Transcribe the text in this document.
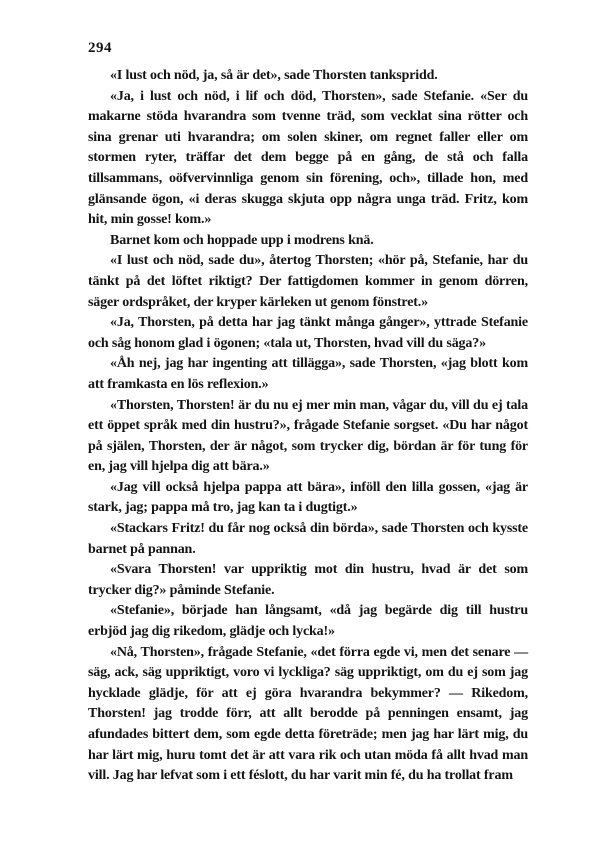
294

«I lust och nöd, ja, så är det», sade Thorsten tankspridd.

«Ja, i lust och nöd, i lif och död, Thorsten», sade Stefanie. «Ser du makarne stöda hvarandra som tvenne träd, som vecklat sina rötter och sina grenar uti hvarandra; om solen skiner, om regnet faller eller om stormen ryter, träffar det dem begge på en gång, de stå och falla tillsammans, oöfvervinnliga genom sin förening, och», tillade hon, med glänsande ögon, «i deras skugga skjuta opp några unga träd. Fritz, kom hit, min gosse! kom.»

Barnet kom och hoppade upp i modrens knä.

«I lust och nöd, sade du», återtog Thorsten; «hör på, Stefanie, har du tänkt på det löftet riktigt? Der fattigdomen kommer in genom dörren, säger ordspråket, der kryper kärleken ut genom fönstret.»

«Ja, Thorsten, på detta har jag tänkt många gånger», yttrade Stefanie och såg honom glad i ögonen; «tala ut, Thorsten, hvad vill du säga?»

«Åh nej, jag har ingenting att tillägga», sade Thorsten, «jag blott kom att framkasta en lös reflexion.»

«Thorsten, Thorsten! är du nu ej mer min man, vågar du, vill du ej tala ett öppet språk med din hustru?», frågade Stefanie sorgset. «Du har något på själen, Thorsten, der är något, som trycker dig, bördan är för tung för en, jag vill hjelpa dig att bära.»

«Jag vill också hjelpa pappa att bära», inföll den lilla gossen, «jag är stark, jag; pappa må tro, jag kan ta i dugtigt.»

«Stackars Fritz! du får nog också din börda», sade Thorsten och kysste barnet på pannan.

«Svara Thorsten! var uppriktig mot din hustru, hvad är det som trycker dig?» påminde Stefanie.

«Stefanie», började han långsamt, «då jag begärde dig till hustru erbjöd jag dig rikedom, glädje och lycka!»

«Nå, Thorsten», frågade Stefanie, «det förra egde vi, men det senare — säg, ack, säg uppriktigt, voro vi lyckliga? säg uppriktigt, om du ej som jag hycklade glädje, för att ej göra hvarandra bekymmer? — Rikedom, Thorsten! jag trodde förr, att allt berodde på penningen ensamt, jag afundades bittert dem, som egde detta företräde; men jag har lärt mig, du har lärt mig, huru tomt det är att vara rik och utan möda få allt hvad man vill. Jag har lefvat som i ett féslott, du har varit min fé, du ha trollat fram
